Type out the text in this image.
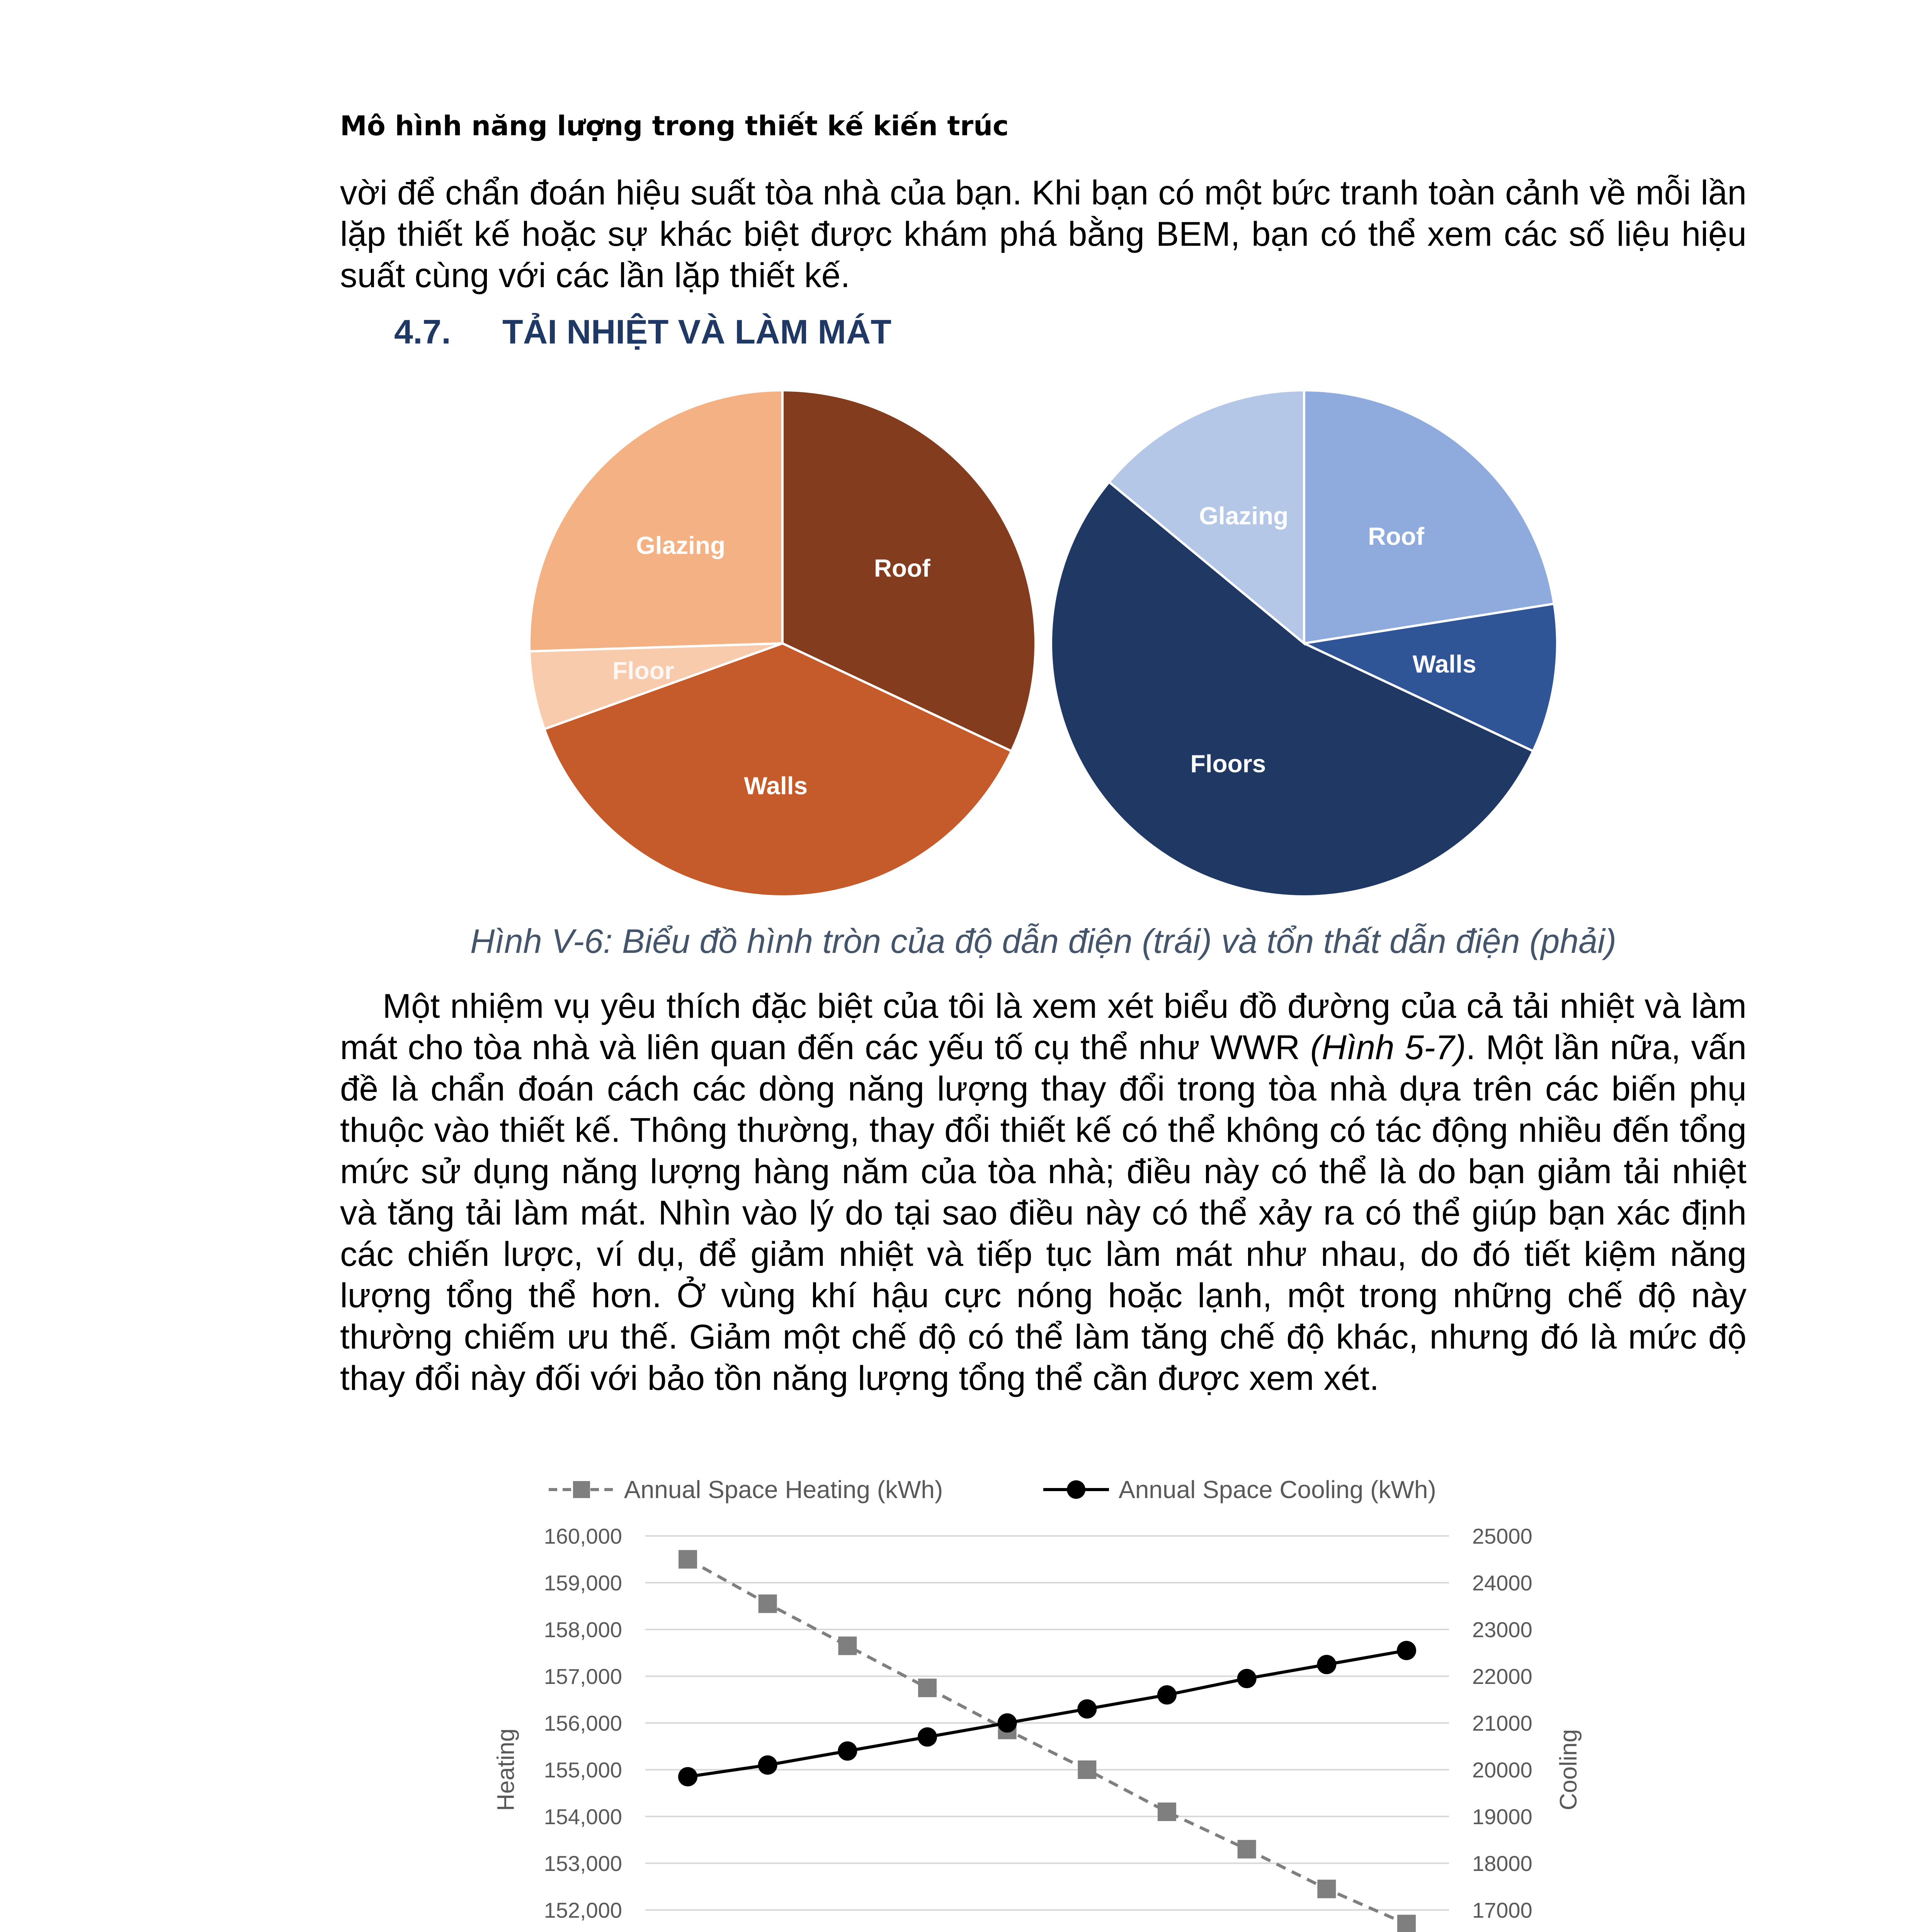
Mô hình năng lượng trong thiết kế kiến trúc
vời để chẩn đoán hiệu suất tòa nhà của bạn. Khi bạn có một bức tranh toàn cảnh về mỗi lần lặp thiết kế hoặc sự khác biệt được khám phá bằng BEM, bạn có thể xem các số liệu hiệu suất cùng với các lần lặp thiết kế.
4.7. TẢI NHIỆT VÀ LÀM MÁT
Roof
Walls
Floor
Glazing	Roof
Walls
Floors
Glazing
Hình V-6: Biểu đồ hình tròn của độ dẫn điện (trái) và tổn thất dẫn điện (phải)
Một nhiệm vụ yêu thích đặc biệt của tôi là xem xét biểu đồ đường của cả tải nhiệt và làm mát cho tòa nhà và liên quan đến các yếu tố cụ thể như WWR (Hình 5-7). Một lần nữa, vấn đề là chẩn đoán cách các dòng năng lượng thay đổi trong tòa nhà dựa trên các biến phụ thuộc vào thiết kế. Thông thường, thay đổi thiết kế có thể không có tác động nhiều đến tổng mức sử dụng năng lượng hàng năm của tòa nhà; điều này có thể là do bạn giảm tải nhiệt và tăng tải làm mát. Nhìn vào lý do tại sao điều này có thể xảy ra có thể giúp bạn xác định các chiến lược, ví dụ, để giảm nhiệt và tiếp tục làm mát như nhau, do đó tiết kiệm năng lượng tổng thể hơn. Ở vùng khí hậu cực nóng hoặc lạnh, một trong những chế độ này thường chiếm ưu thế. Giảm một chế độ có thể làm tăng chế độ khác, nhưng đó là mức độ thay đổi này đối với bảo tồn năng lượng tổng thể cần được xem xét.
152,000
153,000
154,000
155,000
156,000
157,000
158,000
159,000
160,000
17000
18000
19000
20000
21000
22000
23000
24000
25000
Heating	Cooling
Annual Space Heating (kWh)	Annual Space Cooling (kWh)
